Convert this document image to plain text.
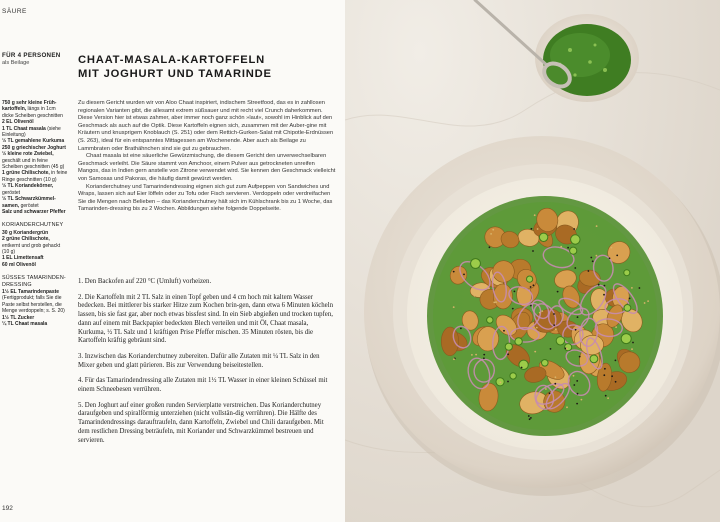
SÄURE
FÜR 4 PERSONEN
als Beilage
750 g sehr kleine Früh-kartoffeln, längs in 1cm dicke Scheiben geschnitten
2 EL Olivenöl
1 TL Chaat masala (siehe Einleitung)
½ TL gemahlene Kurkuma
250 g griechischer Joghurt
½ kleine rote Zwiebel, geschält und in feine Scheiben geschnitten (45 g)
1 grüne Chilischote, in feine Ringe geschnitten (10 g)
½ TL Koriandekörner, geröstet
½ TL Schwarzkümmel-samen, geröstet
Salz und schwarzer Pfeffer
KORIANDERCHUTNEY
30 g Koriandergrün
2 grüne Chilischote, entkernt und grob gehackt (10 g)
1 EL Limettensaft
60 ml Olivenöl
SÜSSES TAMARINDEN-DRESSING
1½ EL Tamarindenpaste (Fertigprodukt; falls Sie die Paste selbst herstellen, die Menge verdoppeln; s. S. 20)
1½ TL Zucker
¼ TL Chaat masala
CHAAT-MASALA-KARTOFFELN
MIT JOGHURT UND TAMARINDE

Zu diesem Gericht wurden wir von Aloo Chaat inspiriert, indischem Streetfood, das es in zahllosen regionalen Varianten gibt, die allesamt extrem süßsauer und mit recht viel Crunch daherkommen. Diese Version hier ist etwas zahmer, aber immer noch ganz schön »laut«, sowohl im Hinblick auf den Geschmack als auch auf die Optik. Diese Kartoffeln eignen sich, zusammen mit der Auber-gine mit Kräutern und knusprigem Knoblauch (S. 251) oder dem Rettich-Gurken-Salat mit Chipotle-Erdnüssen (S. 263), ideal für ein entspanntes Mittagessen am Wochenende. Aber auch als Beilage zu Lammbraten oder Brathähnchen sind sie gut zu gebrauchen.

Chaat masala ist eine säuerliche Gewürzmischung, die diesem Gericht den unverwechselbaren Geschmack verleiht. Die Säure stammt von Amchoor, einem Pulver aus getrockneten unreifen Mangos, das in Indien gern anstelle von Zitrone verwendet wird. Sie kennen den Geschmack vielleicht von Samosas und Pakoras, die häufig damit gewürzt werden.

Korianderchutney und Tamarindendressing eignen sich gut zum Aufpeppen von Sandwiches und Wraps, lassen sich auf Eier löffeln oder zu Tofu oder Fisch servieren. Verdoppeln oder verdreifachen Sie die Mengen nach Belieben – das Korianderchutney hält sich im Kühlschrank bis zu 1 Woche, das Tamarinden-dressing bis zu 2 Wochen. Abbildungen siehe folgende Doppelseite.

1. Den Backofen auf 220 °C (Umluft) vorheizen.
2. Die Kartoffeln mit 2 TL Salz in einen Topf geben und 4 cm hoch mit kaltem Wasser bedecken. Bei mittlerer bis starker Hitze zum Kochen brin-gen, dann etwa 6 Minuten köcheln lassen, bis sie fast gar, aber noch etwas bissfest sind. In ein Sieb abgießen und trocken tupfen, dann auf einem mit Backpapier bedeckten Blech verteilen und mit Öl, Chaat masala, Kurkuma, ½ TL Salz und 1 kräftigen Prise Pfeffer mischen. 35 Minuten rösten, bis die Kartoffeln kräftig gebräunt sind.
3. Inzwischen das Korianderchutney zubereiten. Dafür alle Zutaten mit ¼ TL Salz in den Mixer geben und glatt pürieren. Bis zur Verwendung beiseitestellen.
4. Für das Tamarindendressing alle Zutaten mit 1½ TL Wasser in einer kleinen Schüssel mit einem Schneebesen verrühren.
5. Den Joghurt auf einer großen runden Servierplatte verstreichen. Das Korianderchutney daraufgeben und spiralförmig unterziehen (nicht vollstän-dig verrühren). Die Hälfte des Tamarindendressings darauftrаufeln, dann Kartoffeln, Zwiebel und Chili daraufgeben. Mit dem restlichen Dressing beträufeln, mit Koriander und Schwarzkümmel bestreuen und servieren.
192
